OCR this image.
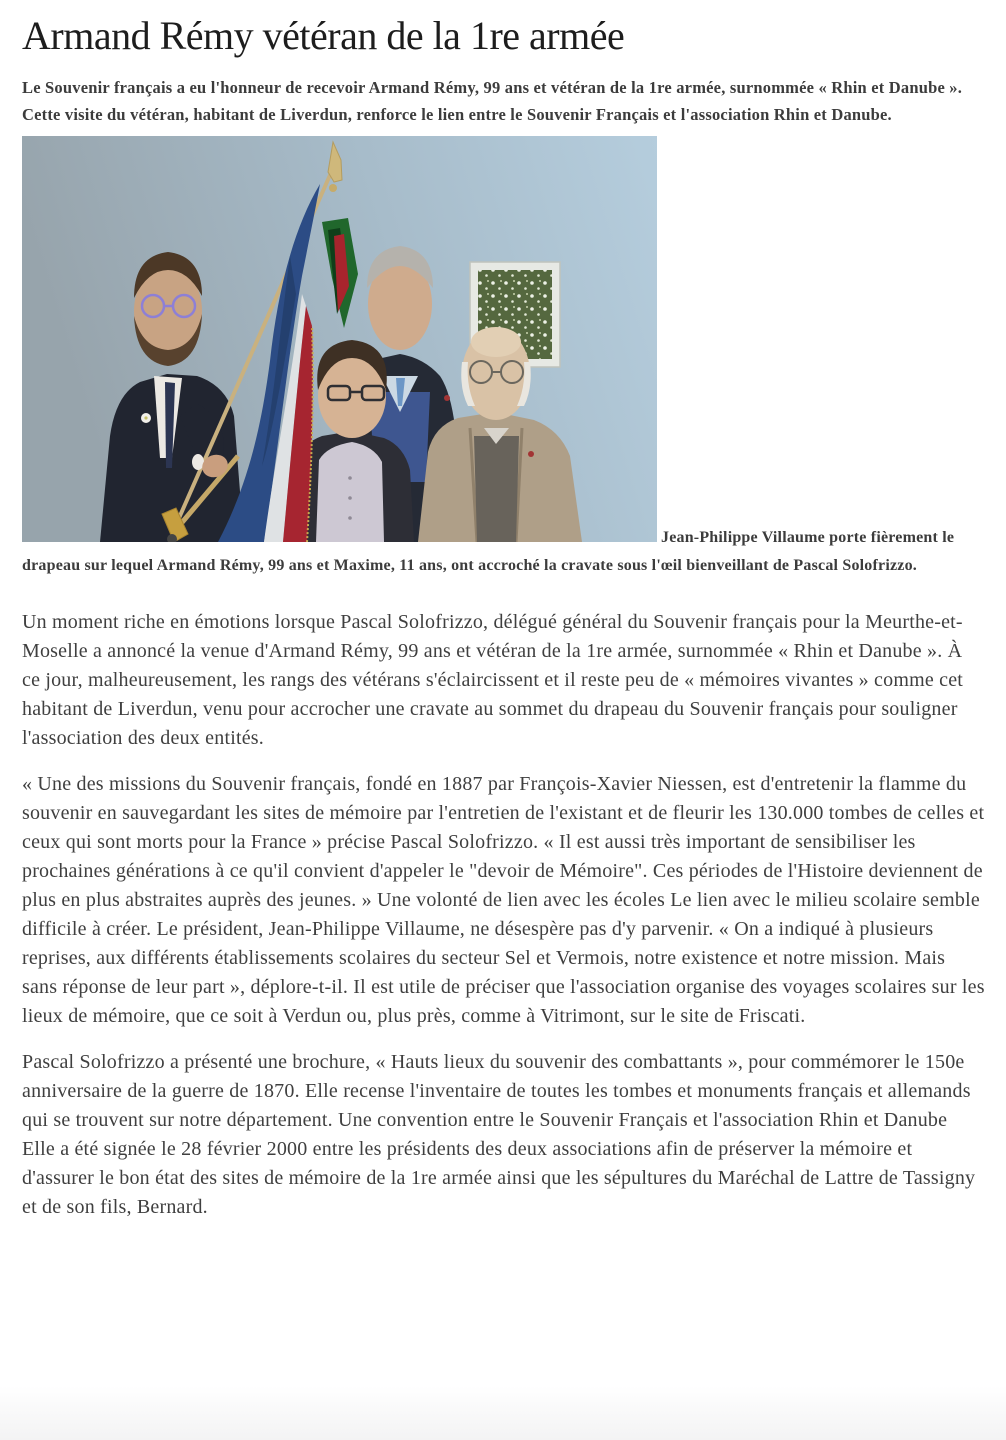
Armand Rémy vétéran de la 1re armée

Le Souvenir français a eu l'honneur de recevoir Armand Rémy, 99 ans et vétéran de la 1re armée, surnommée « Rhin et Danube ». Cette visite du vétéran, habitant de Liverdun, renforce le lien entre le Souvenir Français et l'association Rhin et Danube.

Jean-Philippe Villaume porte fièrement le drapeau sur lequel Armand Rémy, 99 ans et Maxime, 11 ans, ont accroché la cravate sous l'œil bienveillant de Pascal Solofrizzo.

Un moment riche en émotions lorsque Pascal Solofrizzo, délégué général du Souvenir français pour la Meurthe-et-Moselle a annoncé la venue d'Armand Rémy, 99 ans et vétéran de la 1re armée, surnommée « Rhin et Danube ». À ce jour, malheureusement, les rangs des vétérans s'éclaircissent et il reste peu de « mémoires vivantes » comme cet habitant de Liverdun, venu pour accrocher une cravate au sommet du drapeau du Souvenir français pour souligner l'association des deux entités.

« Une des missions du Souvenir français, fondé en 1887 par François-Xavier Niessen, est d'entretenir la flamme du souvenir en sauvegardant les sites de mémoire par l'entretien de l'existant et de fleurir les 130.000 tombes de celles et ceux qui sont morts pour la France » précise Pascal Solofrizzo. « Il est aussi très important de sensibiliser les prochaines générations à ce qu'il convient d'appeler le "devoir de Mémoire". Ces périodes de l'Histoire deviennent de plus en plus abstraites auprès des jeunes. » Une volonté de lien avec les écoles Le lien avec le milieu scolaire semble difficile à créer. Le président, Jean-Philippe Villaume, ne désespère pas d'y parvenir. « On a indiqué à plusieurs reprises, aux différents établissements scolaires du secteur Sel et Vermois, notre existence et notre mission. Mais sans réponse de leur part », déplore-t-il. Il est utile de préciser que l'association organise des voyages scolaires sur les lieux de mémoire, que ce soit à Verdun ou, plus près, comme à Vitrimont, sur le site de Friscati.

Pascal Solofrizzo a présenté une brochure, « Hauts lieux du souvenir des combattants », pour commémorer le 150e anniversaire de la guerre de 1870. Elle recense l'inventaire de toutes les tombes et monuments français et allemands qui se trouvent sur notre département. Une convention entre le Souvenir Français et l'association Rhin et Danube Elle a été signée le 28 février 2000 entre les présidents des deux associations afin de préserver la mémoire et d'assurer le bon état des sites de mémoire de la 1re armée ainsi que les sépultures du Maréchal de Lattre de Tassigny et de son fils, Bernard.
